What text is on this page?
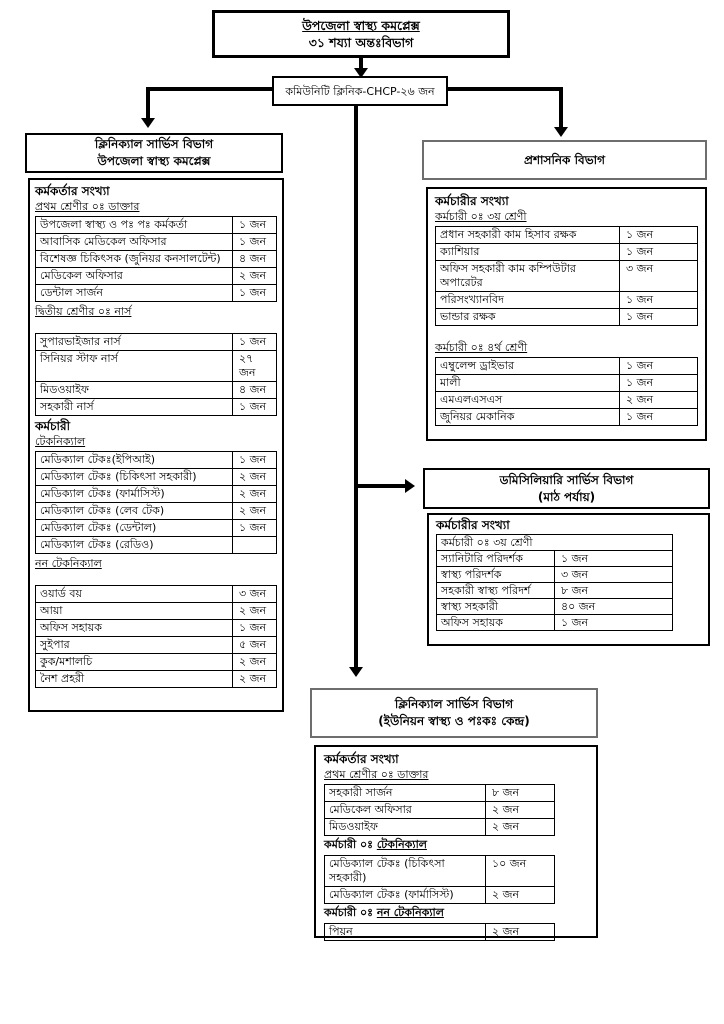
উপজেলা স্বাস্থ্য কমপ্লেক্স
৩১ শয্যা অন্তঃবিভাগ
কমিউনিটি ক্লিনিক-CHCP-২৬ জন
ক্লিনিক্যাল সার্ভিস বিভাগ
উপজেলা স্বাস্থ্য কমপ্লেক্স
কর্মকর্তার সংখ্যা
প্রথম শ্রেণীর ০ঃ ডাক্তার
উপজেলা স্বাস্থ্য ও পঃ পঃ কর্মকর্তা	১ জন
আবাসিক মেডিকেল অফিসার	১ জন
বিশেষজ্ঞ চিকিৎসক (জুনিয়র কনসালটেন্ট)	৪ জন
মেডিকেল অফিসার	২ জন
ডেন্টাল সার্জন	১ জন
দ্বিতীয় শ্রেণীর ০ঃ নার্স
সুপারভাইজার নার্স	১ জন
সিনিয়র স্টাফ নার্স	২৭ জন
মিডওয়াইফ	৪ জন
সহকারী নার্স	১ জন
কর্মচারী
টেকনিক্যাল
মেডিক্যাল টেকঃ(ইপিআই)	১ জন
মেডিক্যাল টেকঃ (চিকিৎসা সহকারী)	২ জন
মেডিক্যাল টেকঃ (ফার্মাসিস্ট)	২ জন
মেডিক্যাল টেকঃ (লেব টেক)	২ জন
মেডিক্যাল টেকঃ (ডেন্টাল)	১ জন
মেডিক্যাল টেকঃ (রেডিও)	
নন টেকনিক্যাল
ওয়ার্ড বয়	৩ জন
আয়া	২ জন
অফিস সহায়ক	১ জন
সুইপার	৫ জন
কুক/মশালচি	২ জন
নৈশ প্রহরী	২ জন
প্রশাসনিক বিভাগ
কর্মচারীর সংখ্যা
কর্মচারী ০ঃ ৩য় শ্রেণী
প্রধান সহকারী কাম হিসাব রক্ষক	১ জন
ক্যাশিয়ার	১ জন
অফিস সহকারী কাম কম্পিউটার অপারেটর	৩ জন
পরিসংখ্যানবিদ	১ জন
ভান্ডার রক্ষক	১ জন
কর্মচারী ০ঃ ৪র্থ শ্রেণী
এম্বুলেন্স ড্রাইভার	১ জন
মালী	১ জন
এমএলএসএস	২ জন
জুনিয়র মেকানিক	১ জন
ডমিসিলিয়ারি সার্ভিস বিভাগ
(মাঠ পর্যায়)
কর্মচারীর সংখ্যা
কর্মচারী ০ঃ ৩য় শ্রেণী	
স্যানিটারি পরিদর্শক	১ জন
স্বাস্থ্য পরিদর্শক	৩ জন
সহকারী স্বাস্থ্য পরিদর্শ	৮ জন
স্বাস্থ্য সহকারী	৪০ জন
অফিস সহায়ক	১ জন
ক্লিনিক্যাল সার্ভিস বিভাগ
(ইউনিয়ন স্বাস্থ্য ও পঃকঃ কেন্দ্র)
কর্মকর্তার সংখ্যা
প্রথম শ্রেণীর ০ঃ ডাক্তার
সহকারী সার্জন	৮ জন
মেডিকেল অফিসার	২ জন
মিডওয়াইফ	২ জন
কর্মচারী ০ঃ টেকনিক্যাল
মেডিক্যাল টেকঃ (চিকিৎসা সহকারী)	১০ জন
মেডিক্যাল টেকঃ (ফার্মাসিস্ট)	২ জন
কর্মচারী ০ঃ নন টেকনিক্যাল
পিয়ন	২ জন
